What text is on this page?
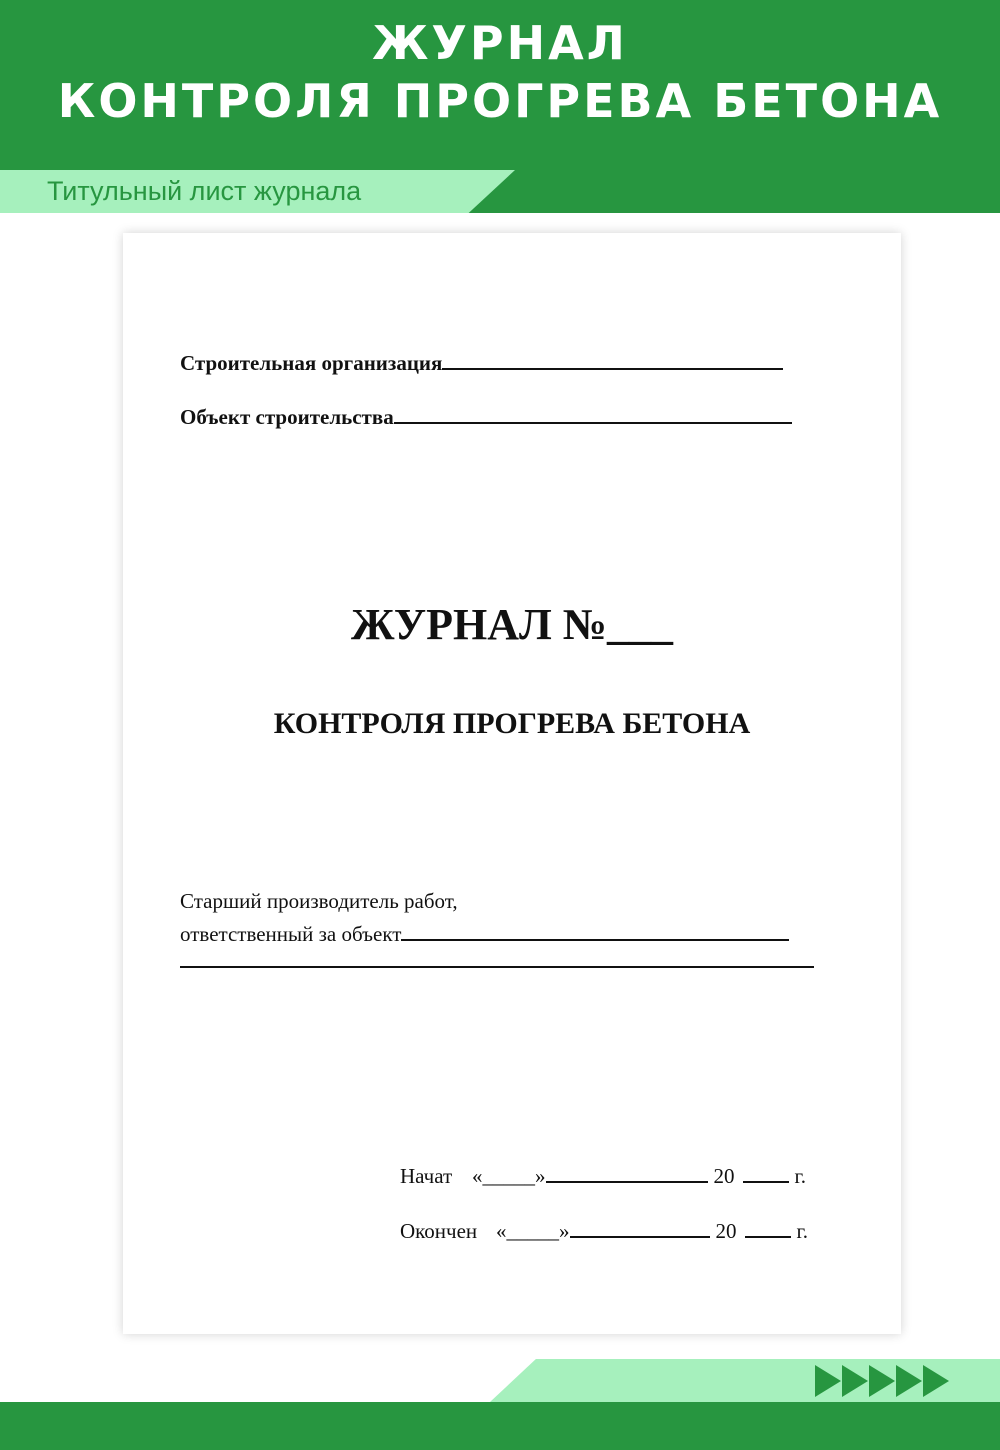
ЖУРНАЛ
КОНТРОЛЯ ПРОГРЕВА БЕТОНА
Титульный лист журнала
Строительная организация
Объект строительства
ЖУРНАЛ №___
КОНТРОЛЯ ПРОГРЕВА БЕТОНА
Старший производитель работ,
ответственный за объект
Начат «_____»	20	г.
Окончен «_____»	20	г.
